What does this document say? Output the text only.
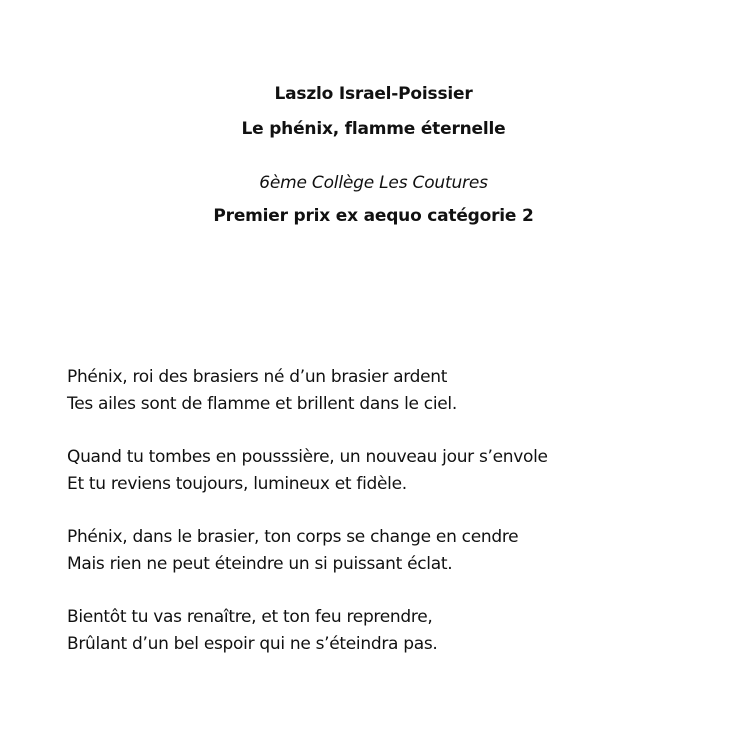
Laszlo Israel-Poissier

Le phénix, flamme éternelle

6ème Collège Les Coutures

Premier prix ex aequo catégorie 2

Phénix, roi des brasiers né d’un brasier ardent
Tes ailes sont de flamme et brillent dans le ciel.
Quand tu tombes en pousssière, un nouveau jour s’envole
Et tu reviens toujours, lumineux et fidèle.
Phénix, dans le brasier, ton corps se change en cendre
Mais rien ne peut éteindre un si puissant éclat.
Bientôt tu vas renaître, et ton feu reprendre,
Brûlant d’un bel espoir qui ne s’éteindra pas.
